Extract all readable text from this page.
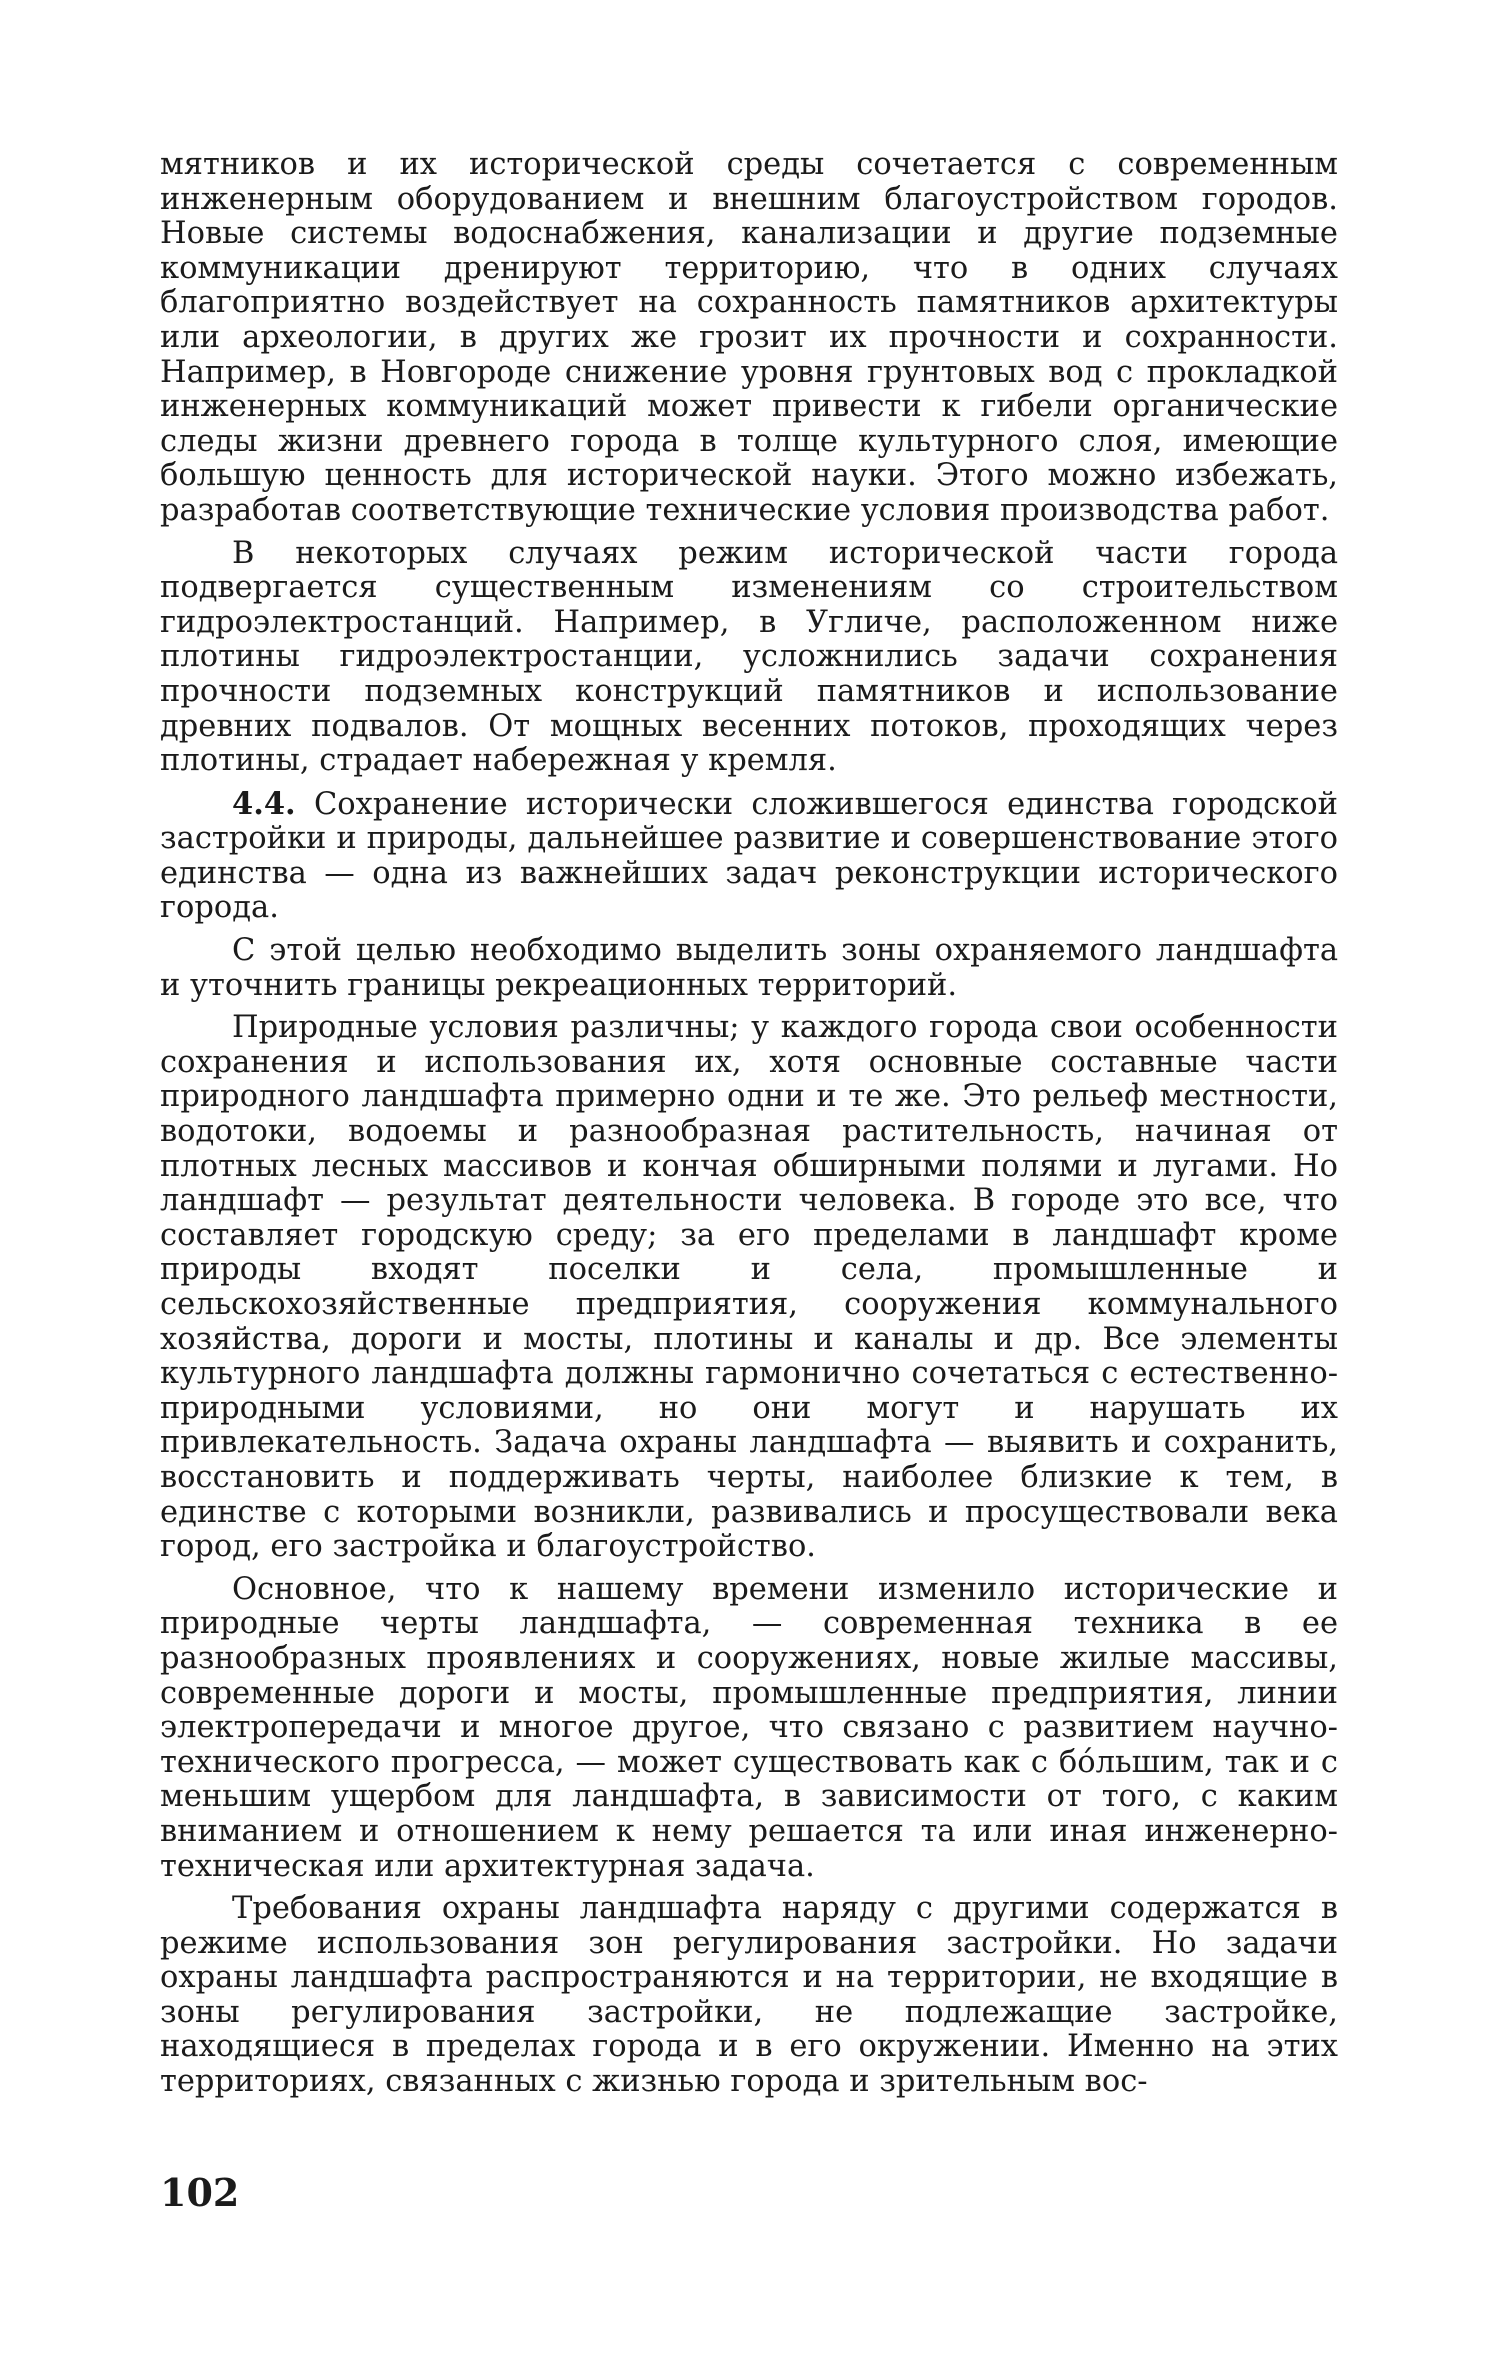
мятников и их исторической среды сочетается с современным инженерным оборудованием и внешним благоустройством городов. Новые системы водоснабжения, канализации и другие подземные коммуникации дренируют территорию, что в одних случаях благоприятно воздействует на сохранность памятников архитектуры или археологии, в других же грозит их прочности и сохранности. Например, в Новгороде снижение уровня грунтовых вод с прокладкой инженерных коммуникаций может привести к гибели органические следы жизни древнего города в толще культурного слоя, имеющие большую ценность для исторической науки. Этого можно избежать, разработав соответствующие технические условия производства работ.

В некоторых случаях режим исторической части города подвергается существенным изменениям со строительством гидроэлектростанций. Например, в Угличе, расположенном ниже плотины гидроэлектростанции, усложнились задачи сохранения прочности подземных конструкций памятников и использование древних подвалов. От мощных весенних потоков, проходящих через плотины, страдает набережная у кремля.

4.4. Сохранение исторически сложившегося единства городской застройки и природы, дальнейшее развитие и совершенствование этого единства — одна из важнейших задач реконструкции исторического города.

С этой целью необходимо выделить зоны охраняемого ландшафта и уточнить границы рекреационных территорий.

Природные условия различны; у каждого города свои особенности сохранения и использования их, хотя основные составные части природного ландшафта примерно одни и те же. Это рельеф местности, водотоки, водоемы и разнообразная растительность, начиная от плотных лесных массивов и кончая обширными полями и лугами. Но ландшафт — результат деятельности человека. В городе это все, что составляет городскую среду; за его пределами в ландшафт кроме природы входят поселки и села, промышленные и сельскохозяйственные предприятия, сооружения коммунального хозяйства, дороги и мосты, плотины и каналы и др. Все элементы культурного ландшафта должны гармонично сочетаться с естественно-природными условиями, но они могут и нарушать их привлекательность. Задача охраны ландшафта — выявить и сохранить, восстановить и поддерживать черты, наиболее близкие к тем, в единстве с которыми возникли, развивались и просуществовали века город, его застройка и благоустройство.

Основное, что к нашему времени изменило исторические и природные черты ландшафта, — современная техника в ее разнообразных проявлениях и сооружениях, новые жилые массивы, современные дороги и мосты, промышленные предприятия, линии электропередачи и многое другое, что связано с развитием научно-технического прогресса, — может существовать как с бо́льшим, так и с меньшим ущербом для ландшафта, в зависимости от того, с каким вниманием и отношением к нему решается та или иная инженерно-техническая или архитектурная задача.

Требования охраны ландшафта наряду с другими содержатся в режиме использования зон регулирования застройки. Но задачи охраны ландшафта распространяются и на территории, не входящие в зоны регулирования застройки, не подлежащие застройке, находящиеся в пределах города и в его окружении. Именно на этих территориях, связанных с жизнью города и зрительным вос-

102
